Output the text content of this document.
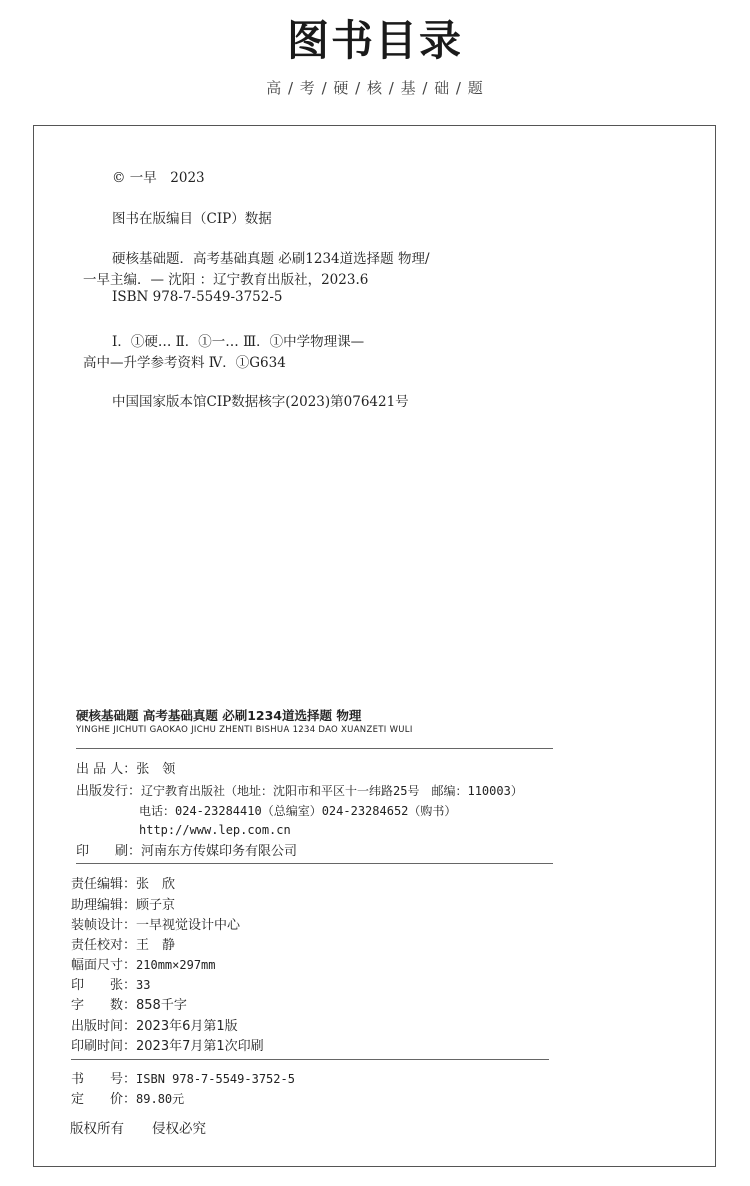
图书目录
高 / 考 / 硬 / 核 / 基 / 础 / 题
© 一早　2023
图书在版编目（CIP）数据
硬核基础题．高考基础真题 必刷1234道选择题 物理/
一早主编．— 沈阳 ：辽宁教育出版社，2023.6
ISBN 978-7-5549-3752-5
Ⅰ．①硬… Ⅱ．①一… Ⅲ．①中学物理课—
高中—升学参考资料 Ⅳ．①G634
中国国家版本馆CIP数据核字(2023)第076421号
硬核基础题 高考基础真题 必刷1234道选择题 物理
YINGHE JICHUTI GAOKAO JICHU ZHENTI BISHUA 1234 DAO XUANZETI WULI
出 品 人：张　领
出版发行：辽宁教育出版社（地址：沈阳市和平区十一纬路25号　邮编：110003）
电话：024-23284410（总编室）024-23284652（购书）
http://www.lep.com.cn
印　　刷：河南东方传媒印务有限公司
责任编辑：张　欣
助理编辑：顾子京
装帧设计：一早视觉设计中心
责任校对：王　静
幅面尺寸：210mm×297mm
印　　张：33
字　　数：858千字
出版时间：2023年6月第1版
印刷时间：2023年7月第1次印刷
书　　号：ISBN 978-7-5549-3752-5
定　　价：89.80元
版权所有 侵权必究
